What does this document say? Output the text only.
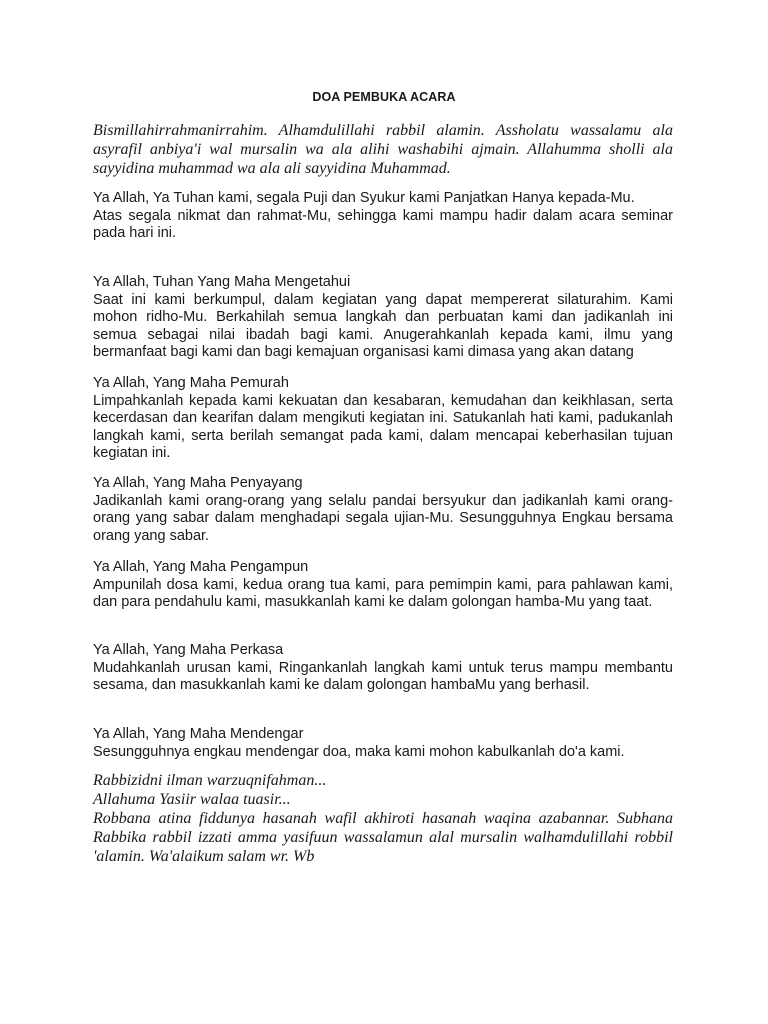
DOA PEMBUKA ACARA

Bismillahirrahmanirrahim. Alhamdulillahi rabbil alamin. Assholatu wassalamu ala asyrafil anbiya'i wal mursalin wa ala alihi washabihi ajmain. Allahumma sholli ala sayyidina muhammad wa ala ali sayyidina Muhammad.

Ya Allah, Ya Tuhan kami, segala Puji dan Syukur kami Panjatkan Hanya kepada-Mu.
Atas segala nikmat dan rahmat-Mu, sehingga kami mampu hadir dalam acara seminar pada hari ini.
Ya Allah, Tuhan Yang Maha Mengetahui
Saat ini kami berkumpul, dalam kegiatan yang dapat mempererat silaturahim. Kami mohon ridho-Mu. Berkahilah semua langkah dan perbuatan kami dan jadikanlah ini semua sebagai nilai ibadah bagi kami. Anugerahkanlah kepada kami, ilmu yang bermanfaat bagi kami dan bagi kemajuan organisasi kami dimasa yang akan datang
Ya Allah, Yang Maha Pemurah
Limpahkanlah kepada kami kekuatan dan kesabaran, kemudahan dan keikhlasan, serta kecerdasan dan kearifan dalam mengikuti kegiatan ini. Satukanlah hati kami, padukanlah langkah kami, serta berilah semangat pada kami, dalam mencapai keberhasilan tujuan kegiatan ini.
Ya Allah, Yang Maha Penyayang
Jadikanlah kami orang-orang yang selalu pandai bersyukur dan jadikanlah kami orang-orang yang sabar dalam menghadapi segala ujian-Mu. Sesungguhnya Engkau bersama orang yang sabar.
Ya Allah, Yang Maha Pengampun
Ampunilah dosa kami, kedua orang tua kami, para pemimpin kami, para pahlawan kami, dan para pendahulu kami, masukkanlah kami ke dalam golongan hamba-Mu yang taat.
Ya Allah, Yang Maha Perkasa
Mudahkanlah urusan kami, Ringankanlah langkah kami untuk terus mampu membantu sesama, dan masukkanlah kami ke dalam golongan hambaMu yang berhasil.
Ya Allah, Yang Maha Mendengar
Sesungguhnya engkau mendengar doa, maka kami mohon kabulkanlah do'a kami.
Rabbizidni ilman warzuqnifahman...
Allahuma Yasiir walaa tuasir...
Robbana atina fiddunya hasanah wafil akhiroti hasanah waqina azabannar. Subhana Rabbika rabbil izzati amma yasifuun wassalamun alal mursalin walhamdulillahi robbil 'alamin. Wa'alaikum salam wr. Wb
